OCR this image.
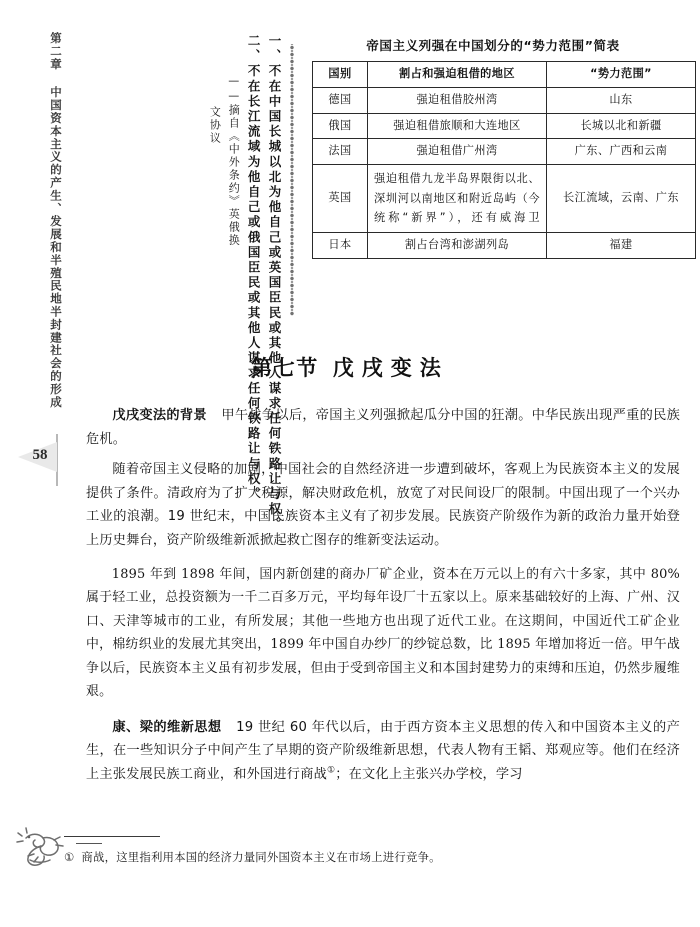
第二章 中国资本主义的产生、发展和半殖民地半封建社会的形成
58	一、不在中国长城以北为他自己或英国臣民或其他人谋求任何铁路让与权。
二、不在长江流域为他自己或俄国臣民或其他人谋求任何铁路让与权。
——摘自《中外条约》英俄换
文协议
帝国主义列强在中国划分的“势力范围”简表
国别	割占和强迫租借的地区	“势力范围”
德国	强迫租借胶州湾	山东
俄国	强迫租借旅顺和大连地区	长城以北和新疆
法国	强迫租借广州湾	广东、广西和云南
英国	强迫租借九龙半岛界限街以北、深圳河以南地区和附近岛屿（今统称“新界”），还有威海卫	长江流域，云南、广东
日本	割占台湾和澎湖列岛	福建
第七节 戊戌变法

戊戌变法的背景 甲午战争以后，帝国主义列强掀起瓜分中国的狂潮。中华民族出现严重的民族危机。

随着帝国主义侵略的加剧，中国社会的自然经济进一步遭到破坏，客观上为民族资本主义的发展提供了条件。清政府为了扩大税源，解决财政危机，放宽了对民间设厂的限制。中国出现了一个兴办工业的浪潮。19 世纪末，中国民族资本主义有了初步发展。民族资产阶级作为新的政治力量开始登上历史舞台，资产阶级维新派掀起救亡图存的维新变法运动。

1895 年到 1898 年间，国内新创建的商办厂矿企业，资本在万元以上的有六十多家，其中 80% 属于轻工业，总投资额为一千二百多万元，平均每年设厂十五家以上。原来基础较好的上海、广州、汉口、天津等城市的工业，有所发展；其他一些地方也出现了近代工业。在这期间，中国近代工矿企业中，棉纺织业的发展尤其突出，1899 年中国自办纱厂的纱锭总数，比 1895 年增加将近一倍。甲午战争以后，民族资本主义虽有初步发展，但由于受到帝国主义和本国封建势力的束缚和压迫，仍然步履维艰。

康、梁的维新思想 19 世纪 60 年代以后，由于西方资本主义思想的传入和中国资本主义的产生，在一些知识分子中间产生了早期的资产阶级维新思想，代表人物有王韬、郑观应等。他们在经济上主张发展民族工商业，和外国进行商战①；在文化上主张兴办学校，学习

① 商战，这里指利用本国的经济力量同外国资本主义在市场上进行竞争。
